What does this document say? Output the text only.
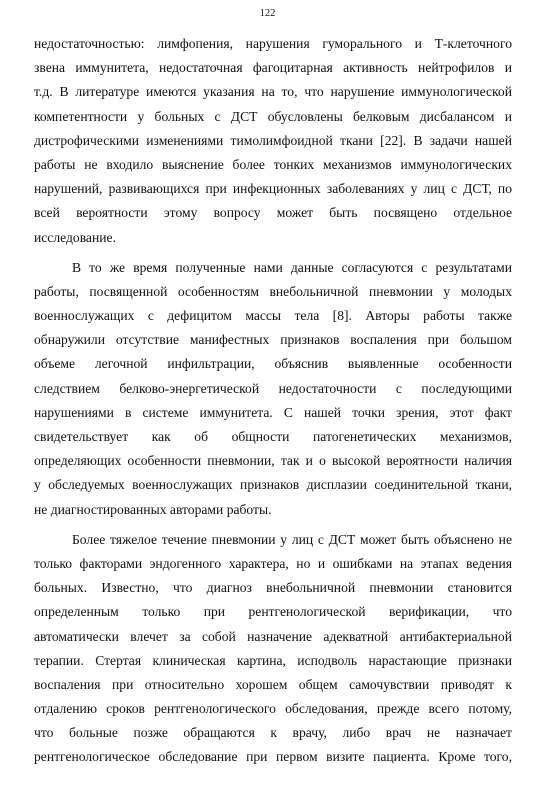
122
недостаточностью: лимфопения, нарушения гуморального и Т-клеточного
звена иммунитета, недостаточная фагоцитарная активность нейтрофилов и
т.д. В литературе имеются указания на то, что нарушение иммунологической
компетентности у больных с ДСТ обусловлены белковым дисбалансом и
дистрофическими изменениями тимолимфоидной ткани [22]. В задачи нашей
работы не входило выяснение более тонких механизмов иммунологических
нарушений, развивающихся при инфекционных заболеваниях у лиц с ДСТ, по
всей вероятности этому вопросу может быть посвящено отдельное
исследование.
В то же время полученные нами данные согласуются с результатами
работы, посвященной особенностям внебольничной пневмонии у молодых
военнослужащих с дефицитом массы тела [8]. Авторы работы также
обнаружили отсутствие манифестных признаков воспаления при большом
объеме легочной инфильтрации, объяснив выявленные особенности
следствием белково-энергетической недостаточности с последующими
нарушениями в системе иммунитета. С нашей точки зрения, этот факт
свидетельствует как об общности патогенетических механизмов,
определяющих особенности пневмонии, так и о высокой вероятности наличия
у обследуемых военнослужащих признаков дисплазии соединительной ткани,
не диагностированных авторами работы.
Более тяжелое течение пневмонии у лиц с ДСТ может быть объяснено не
только факторами эндогенного характера, но и ошибками на этапах ведения
больных. Известно, что диагноз внебольничной пневмонии становится
определенным только при рентгенологической верификации, что
автоматически влечет за собой назначение адекватной антибактериальной
терапии. Стертая клиническая картина, исподволь нарастающие признаки
воспаления при относительно хорошем общем самочувствии приводят к
отдалению сроков рентгенологического обследования, прежде всего потому,
что больные позже обращаются к врачу, либо врач не назначает
рентгенологическое обследование при первом визите пациента. Кроме того,
